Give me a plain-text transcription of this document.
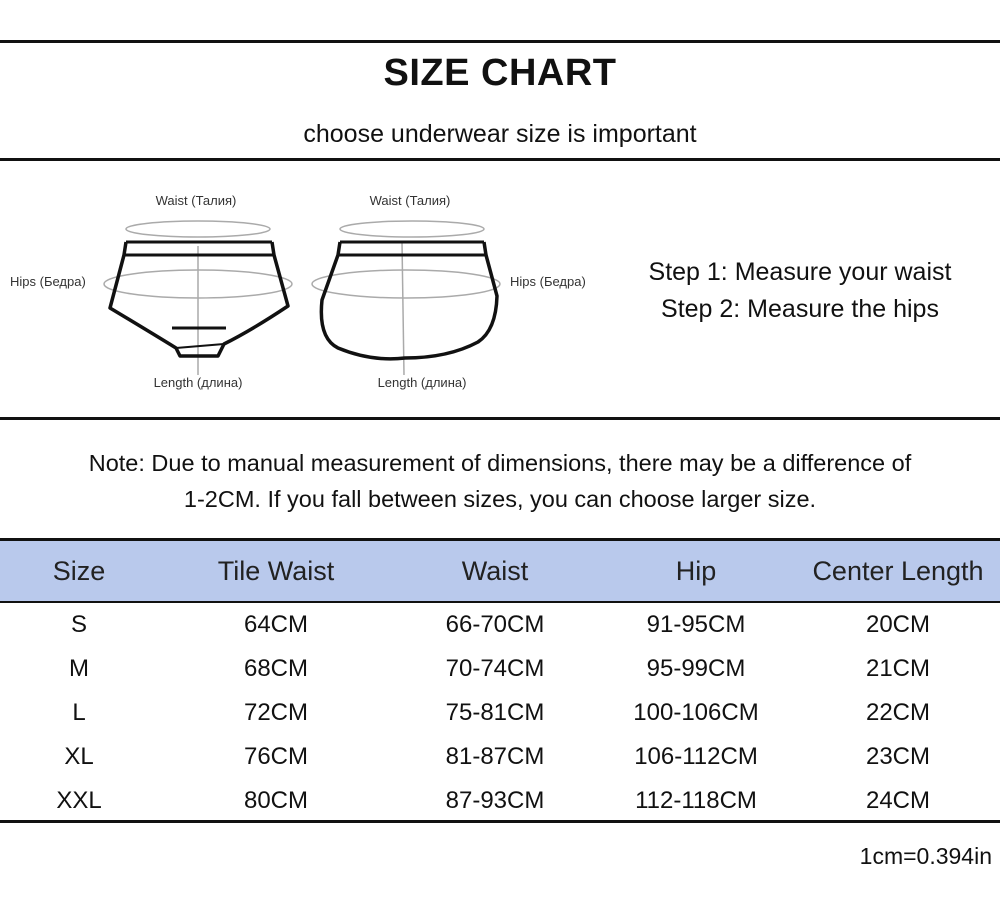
SIZE CHART
choose underwear size is important
Waist (Талия)
Hips (Бедра)
Length (длина)
Waist (Талия)
Hips (Бедра)
Length (длина)
Step 1: Measure your waist
Step 2: Measure the hips
Note: Due to manual measurement of dimensions, there may be a difference of
1-2CM. If you fall between sizes, you can choose larger size.
Size	Tile Waist	Waist	Hip	Center Length
S	64CM	66-70CM	91-95CM	20CM
M	68CM	70-74CM	95-99CM	21CM
L	72CM	75-81CM	100-106CM	22CM
XL	76CM	81-87CM	106-112CM	23CM
XXL	80CM	87-93CM	112-118CM	24CM
1cm=0.394in
